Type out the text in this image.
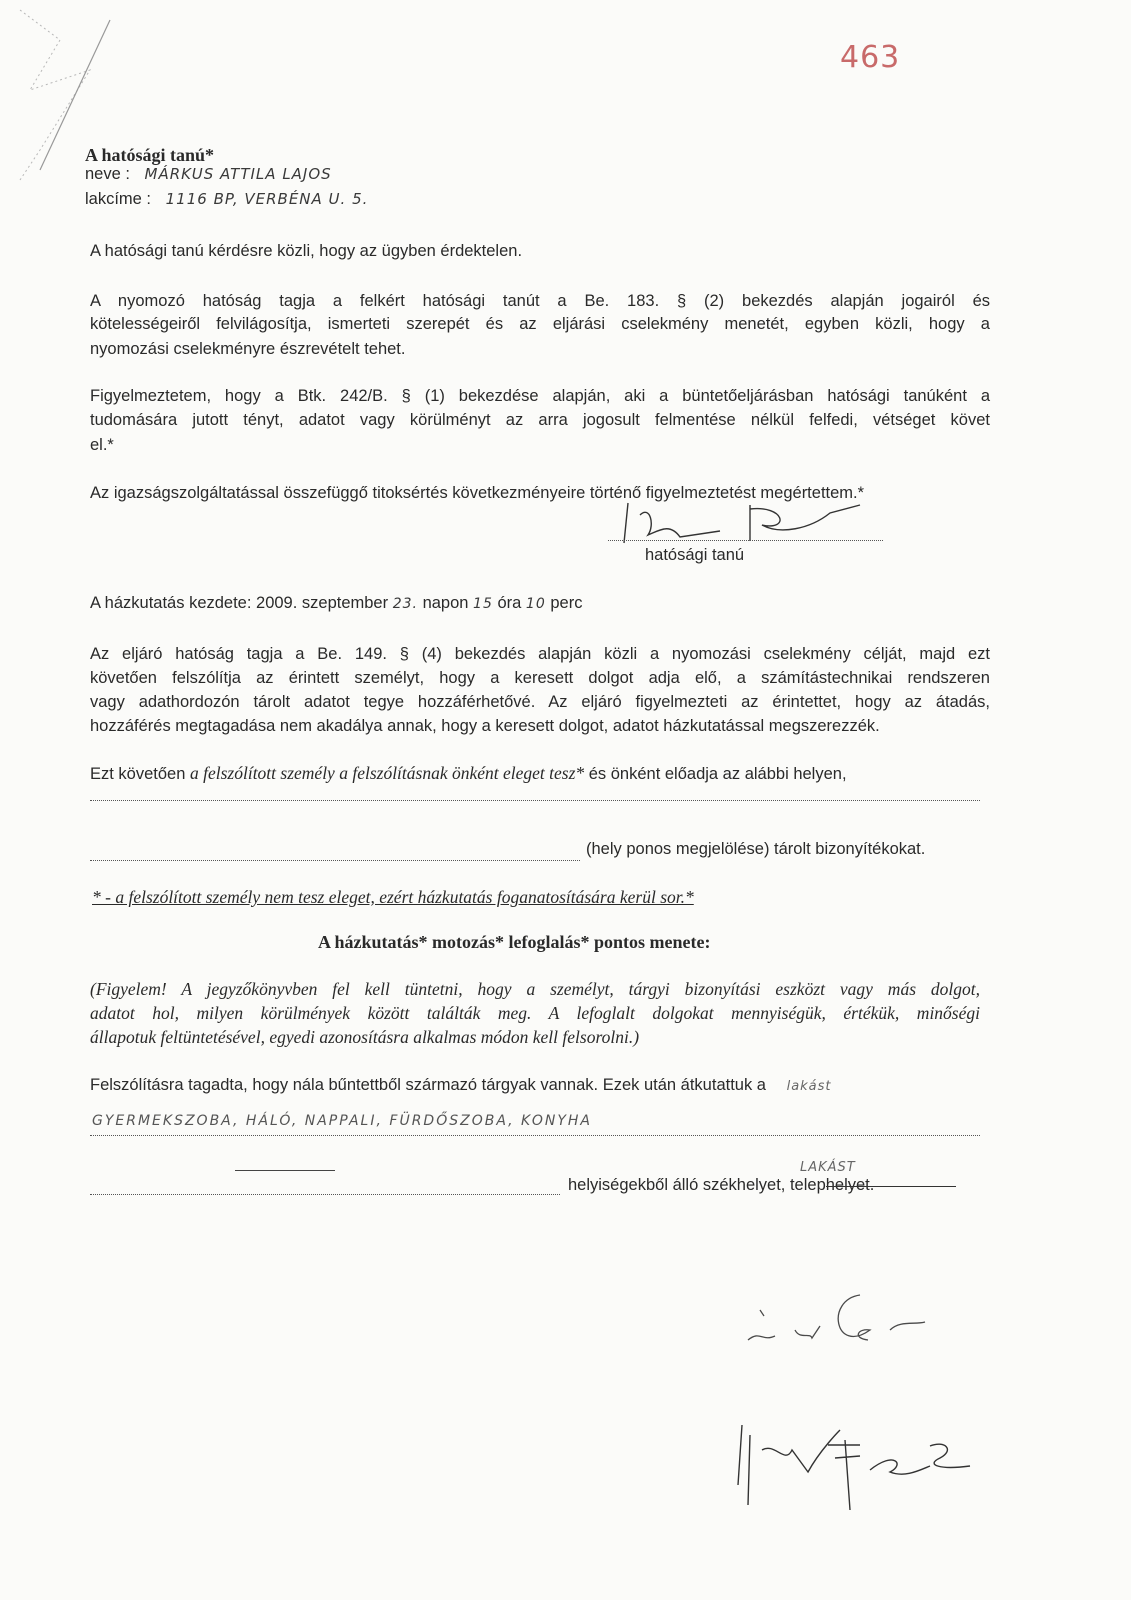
463
A hatósági tanú*
neve : MÁRKUS ATTILA LAJOS
lakcíme : 1116 BP, VERBÉNA U. 5.
A hatósági tanú kérdésre közli, hogy az ügyben érdektelen.
A nyomozó hatóság tagja a felkért hatósági tanút a Be. 183. § (2) bekezdés alapján jogairól és
kötelességeiről felvilágosítja, ismerteti szerepét és az eljárási cselekmény menetét, egyben közli, hogy a
nyomozási cselekményre észrevételt tehet.
Figyelmeztetem, hogy a Btk. 242/B. § (1) bekezdése alapján, aki a büntetőeljárásban hatósági tanúként a
tudomására jutott tényt, adatot vagy körülményt az arra jogosult felmentése nélkül felfedi, vétséget követ
el.*
Az igazságszolgáltatással összefüggő titoksértés következményeire történő figyelmeztetést megértettem.*
hatósági tanú
A házkutatás kezdete: 2009. szeptember 23. napon 15 óra 10 perc
Az eljáró hatóság tagja a Be. 149. § (4) bekezdés alapján közli a nyomozási cselekmény célját, majd ezt
követően felszólítja az érintett személyt, hogy a keresett dolgot adja elő, a számítástechnikai rendszeren
vagy adathordozón tárolt adatot tegye hozzáférhetővé. Az eljáró figyelmezteti az érintettet, hogy az átadás,
hozzáférés megtagadása nem akadálya annak, hogy a keresett dolgot, adatot házkutatással megszerezzék.
Ezt követően a felszólított személy a felszólításnak önként eleget tesz* és önként előadja az alábbi helyen,
(hely ponos megjelölése) tárolt bizonyítékokat.
* - a felszólított személy nem tesz eleget, ezért házkutatás foganatosítására kerül sor.*
A házkutatás* motozás* lefoglalás* pontos menete:
(Figyelem! A jegyzőkönyvben fel kell tüntetni, hogy a személyt, tárgyi bizonyítási eszközt vagy más dolgot,
adatot hol, milyen körülmények között találták meg. A lefoglalt dolgokat mennyiségük, értékük, minőségi
állapotuk feltüntetésével, egyedi azonosításra alkalmas módon kell felsorolni.)
Felszólításra tagadta, hogy nála bűntettből származó tárgyak vannak. Ezek után átkutattuk a lakást
GYERMEKSZOBA, HÁLÓ, NAPPALI, FÜRDŐSZOBA, KONYHA
LAKÁST
helyiségekből álló székhelyet, telephelyet.
